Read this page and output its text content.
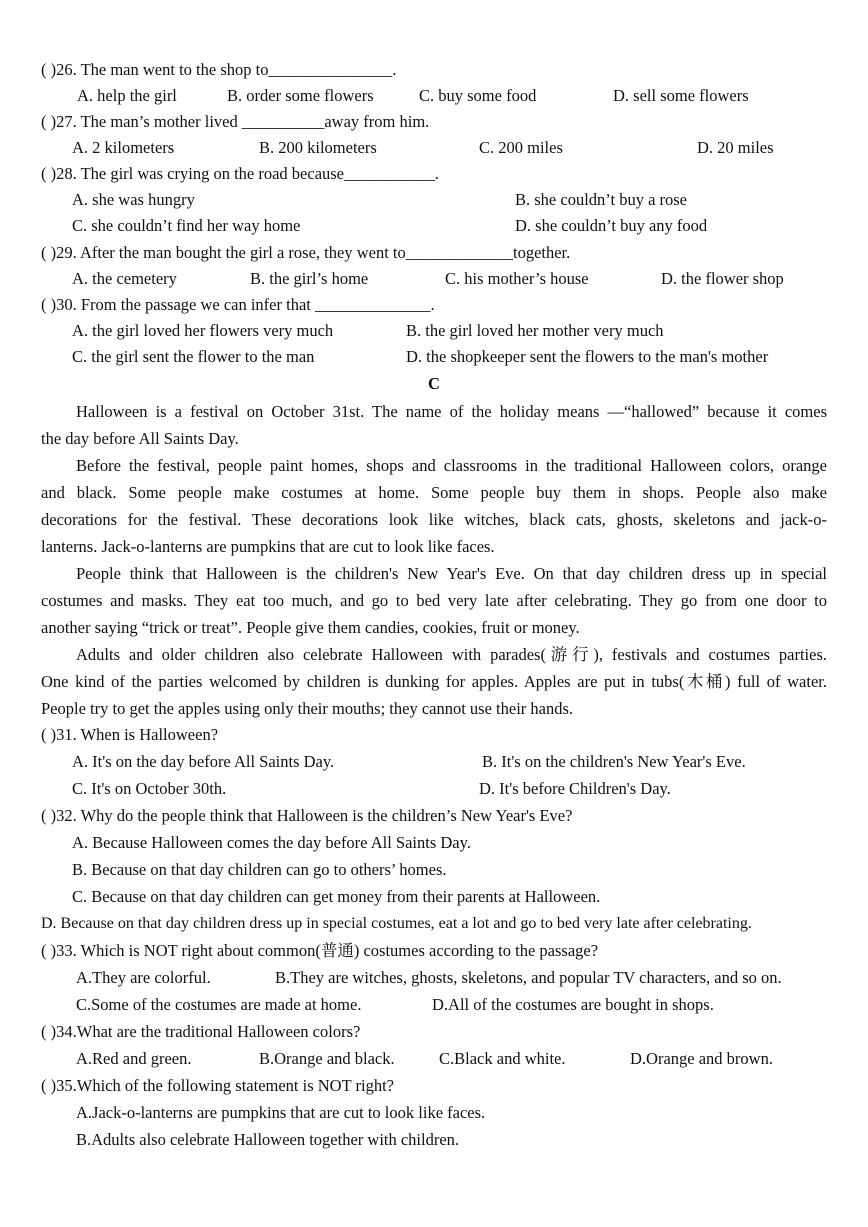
( )26. The man went to the shop to_______________.
A. help the girl	B. order some flowers	C. buy some food	D. sell some flowers
( )27. The man’s mother lived __________away from him.
A. 2 kilometers	B. 200 kilometers	C. 200 miles	D. 20 miles
( )28. The girl was crying on the road because___________.
A. she was hungry	B. she couldn’t buy a rose
C. she couldn’t find her way home	D. she couldn’t buy any food
( )29. After the man bought the girl a rose, they went to_____________together.
A. the cemetery	B. the girl’s home	C. his mother’s house	D. the flower shop
( )30. From the passage we can infer that ______________.
A. the girl loved her flowers very much	B. the girl loved her mother very much
C. the girl sent the flower to the man	D. the shopkeeper sent the flowers to the man's mother
C
Halloween is a festival on October 31st. The name of the holiday means —“hallowed” because it comes
the day before All Saints Day.
Before the festival, people paint homes, shops and classrooms in the traditional Halloween colors, orange
and black. Some people make costumes at home. Some people buy them in shops. People also make
decorations for the festival. These decorations look like witches, black cats, ghosts, skeletons and jack-o-
lanterns. Jack-o-lanterns are pumpkins that are cut to look like faces.
People think that Halloween is the children's New Year's Eve. On that day children dress up in special
costumes and masks. They eat too much, and go to bed very late after celebrating. They go from one door to
another saying “trick or treat”. People give them candies, cookies, fruit or money.
Adults and older children also celebrate Halloween with parades(游行), festivals and costumes parties.
One kind of the parties welcomed by children is dunking for apples. Apples are put in tubs(木桶) full of water.
People try to get the apples using only their mouths; they cannot use their hands.
( )31. When is Halloween?
A. It's on the day before All Saints Day.	B. It's on the children's New Year's Eve.
C. It's on October 30th.	D. It's before Children's Day.
( )32. Why do the people think that Halloween is the children’s New Year's Eve?
A. Because Halloween comes the day before All Saints Day.
B. Because on that day children can go to others’ homes.
C. Because on that day children can get money from their parents at Halloween.
D. Because on that day children dress up in special costumes, eat a lot and go to bed very late after celebrating.
( )33. Which is NOT right about common(普通) costumes according to the passage?
A.They are colorful.	B.They are witches, ghosts, skeletons, and popular TV characters, and so on.
C.Some of the costumes are made at home.	D.All of the costumes are bought in shops.
( )34.What are the traditional Halloween colors?
A.Red and green.	B.Orange and black.	C.Black and white.	D.Orange and brown.
( )35.Which of the following statement is NOT right?
A.Jack-o-lanterns are pumpkins that are cut to look like faces.
B.Adults also celebrate Halloween together with children.
